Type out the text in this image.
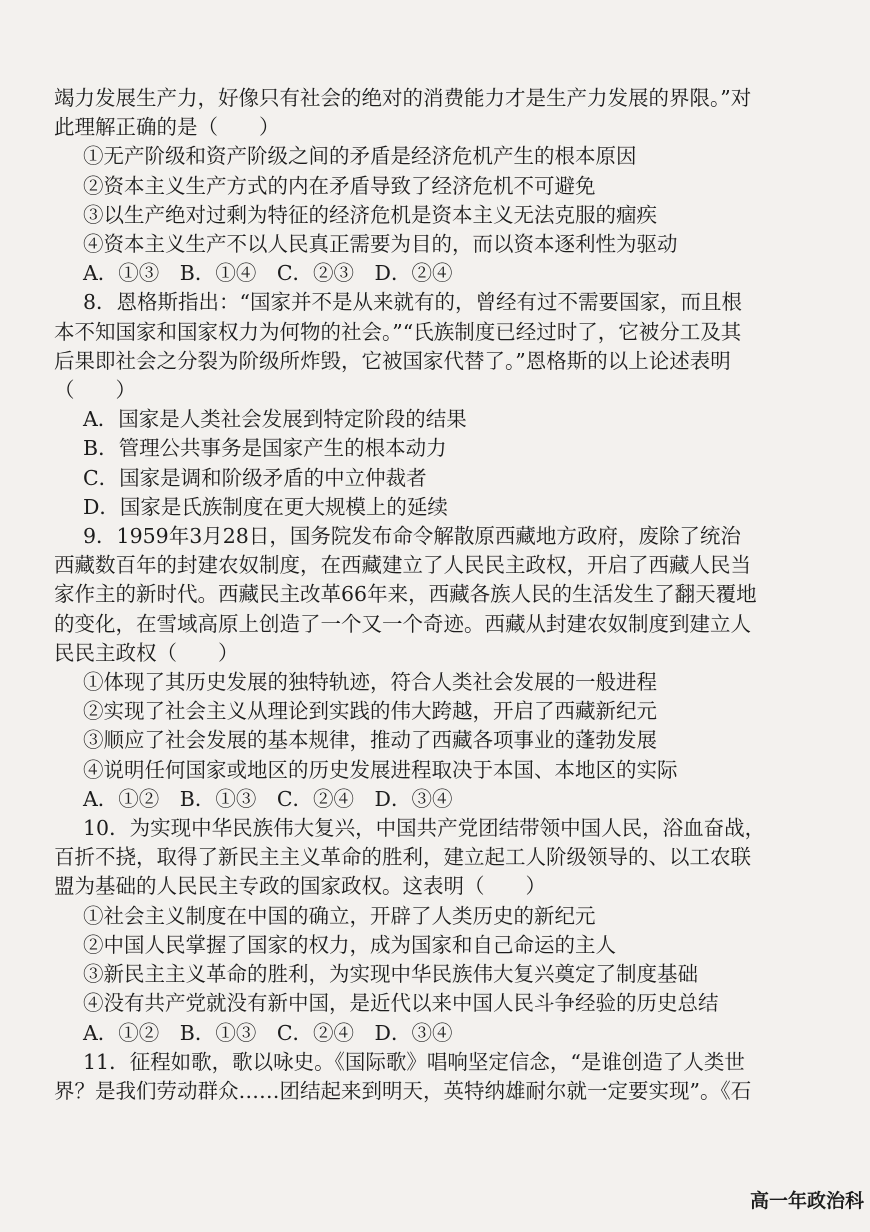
竭力发展生产力，好像只有社会的绝对的消费能力才是生产力发展的界限。”对
此理解正确的是（　　）
①无产阶级和资产阶级之间的矛盾是经济危机产生的根本原因
②资本主义生产方式的内在矛盾导致了经济危机不可避免
③以生产绝对过剩为特征的经济危机是资本主义无法克服的痼疾
④资本主义生产不以人民真正需要为目的，而以资本逐利性为驱动
A．①③　B．①④　C．②③　D．②④
8．恩格斯指出：“国家并不是从来就有的，曾经有过不需要国家，而且根
本不知国家和国家权力为何物的社会。”“氏族制度已经过时了，它被分工及其
后果即社会之分裂为阶级所炸毁，它被国家代替了。”恩格斯的以上论述表明
（　　）
A．国家是人类社会发展到特定阶段的结果
B．管理公共事务是国家产生的根本动力
C．国家是调和阶级矛盾的中立仲裁者
D．国家是氏族制度在更大规模上的延续
9．1959年3月28日，国务院发布命令解散原西藏地方政府，废除了统治
西藏数百年的封建农奴制度，在西藏建立了人民民主政权，开启了西藏人民当
家作主的新时代。西藏民主改革66年来，西藏各族人民的生活发生了翻天覆地
的变化，在雪域高原上创造了一个又一个奇迹。西藏从封建农奴制度到建立人
民民主政权（　　）
①体现了其历史发展的独特轨迹，符合人类社会发展的一般进程
②实现了社会主义从理论到实践的伟大跨越，开启了西藏新纪元
③顺应了社会发展的基本规律，推动了西藏各项事业的蓬勃发展
④说明任何国家或地区的历史发展进程取决于本国、本地区的实际
A．①②　B．①③　C．②④　D．③④
10．为实现中华民族伟大复兴，中国共产党团结带领中国人民，浴血奋战，
百折不挠，取得了新民主主义革命的胜利，建立起工人阶级领导的、以工农联
盟为基础的人民民主专政的国家政权。这表明（　　）
①社会主义制度在中国的确立，开辟了人类历史的新纪元
②中国人民掌握了国家的权力，成为国家和自己命运的主人
③新民主主义革命的胜利，为实现中华民族伟大复兴奠定了制度基础
④没有共产党就没有新中国，是近代以来中国人民斗争经验的历史总结
A．①②　B．①③　C．②④　D．③④
11．征程如歌，歌以咏史。《国际歌》唱响坚定信念，“是谁创造了人类世
界？是我们劳动群众……团结起来到明天，英特纳雄耐尔就一定要实现”。《石
高一年政治科
